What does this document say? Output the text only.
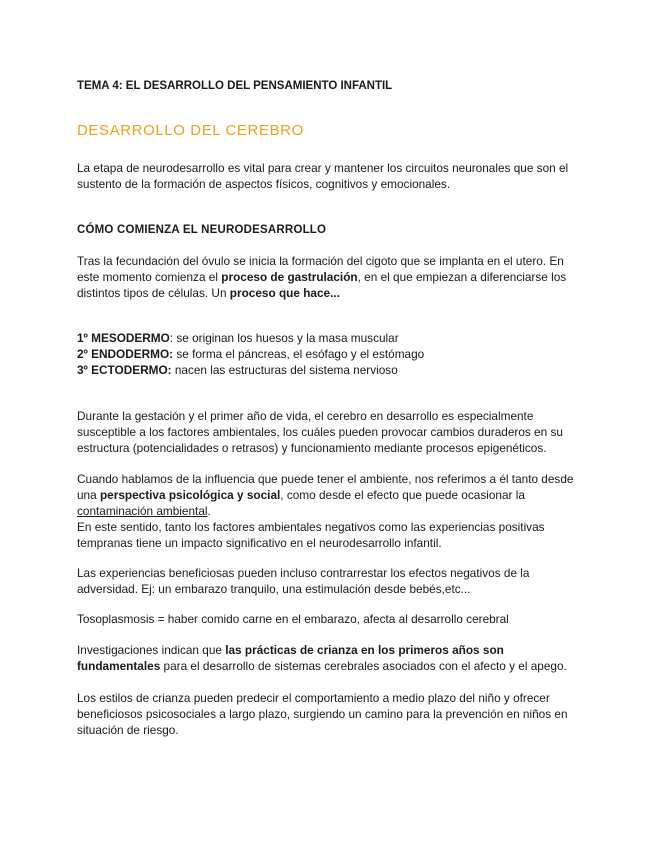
TEMA 4: EL DESARROLLO DEL PENSAMIENTO INFANTIL
DESARROLLO DEL CEREBRO

La etapa de neurodesarrollo es vital para crear y mantener los circuitos neuronales que son el sustento de la formación de aspectos físicos, cognitivos y emocionales.

CÓMO COMIENZA EL NEURODESARROLLO

Tras la fecundación del óvulo se inicia la formación del cigoto que se implanta en el utero. En este momento comienza el proceso de gastrulación, en el que empiezan a diferenciarse los distintos tipos de células. Un proceso que hace...

1º MESODERMO: se originan los huesos y la masa muscular

2º ENDODERMO: se forma el páncreas, el esófago y el estómago

3º ECTODERMO: nacen las estructuras del sistema nervioso

Durante la gestación y el primer año de vida, el cerebro en desarrollo es especialmente susceptible a los factores ambientales, los cuáles pueden provocar cambios duraderos en su estructura (potencialidades o retrasos) y funcionamiento mediante procesos epigenéticos.

Cuando hablamos de la influencia que puede tener el ambiente, nos referimos a él tanto desde una perspectiva psicológica y social, como desde el efecto que puede ocasionar la contaminación ambiental.

En este sentido, tanto los factores ambientales negativos como las experiencias positivas tempranas tiene un impacto significativo en el neurodesarrollo infantil.

Las experiencias beneficiosas pueden incluso contrarrestar los efectos negativos de la adversidad. Ej: un embarazo tranquilo, una estimulación desde bebés,etc...

Tosoplasmosis = haber comido carne en el embarazo, afecta al desarrollo cerebral

Investigaciones indican que las prácticas de crianza en los primeros años son fundamentales para el desarrollo de sistemas cerebrales asociados con el afecto y el apego.

Los estilos de crianza pueden predecir el comportamiento a medio plazo del niño y ofrecer beneficiosos psicosociales a largo plazo, surgiendo un camino para la prevención en niños en situación de riesgo.
